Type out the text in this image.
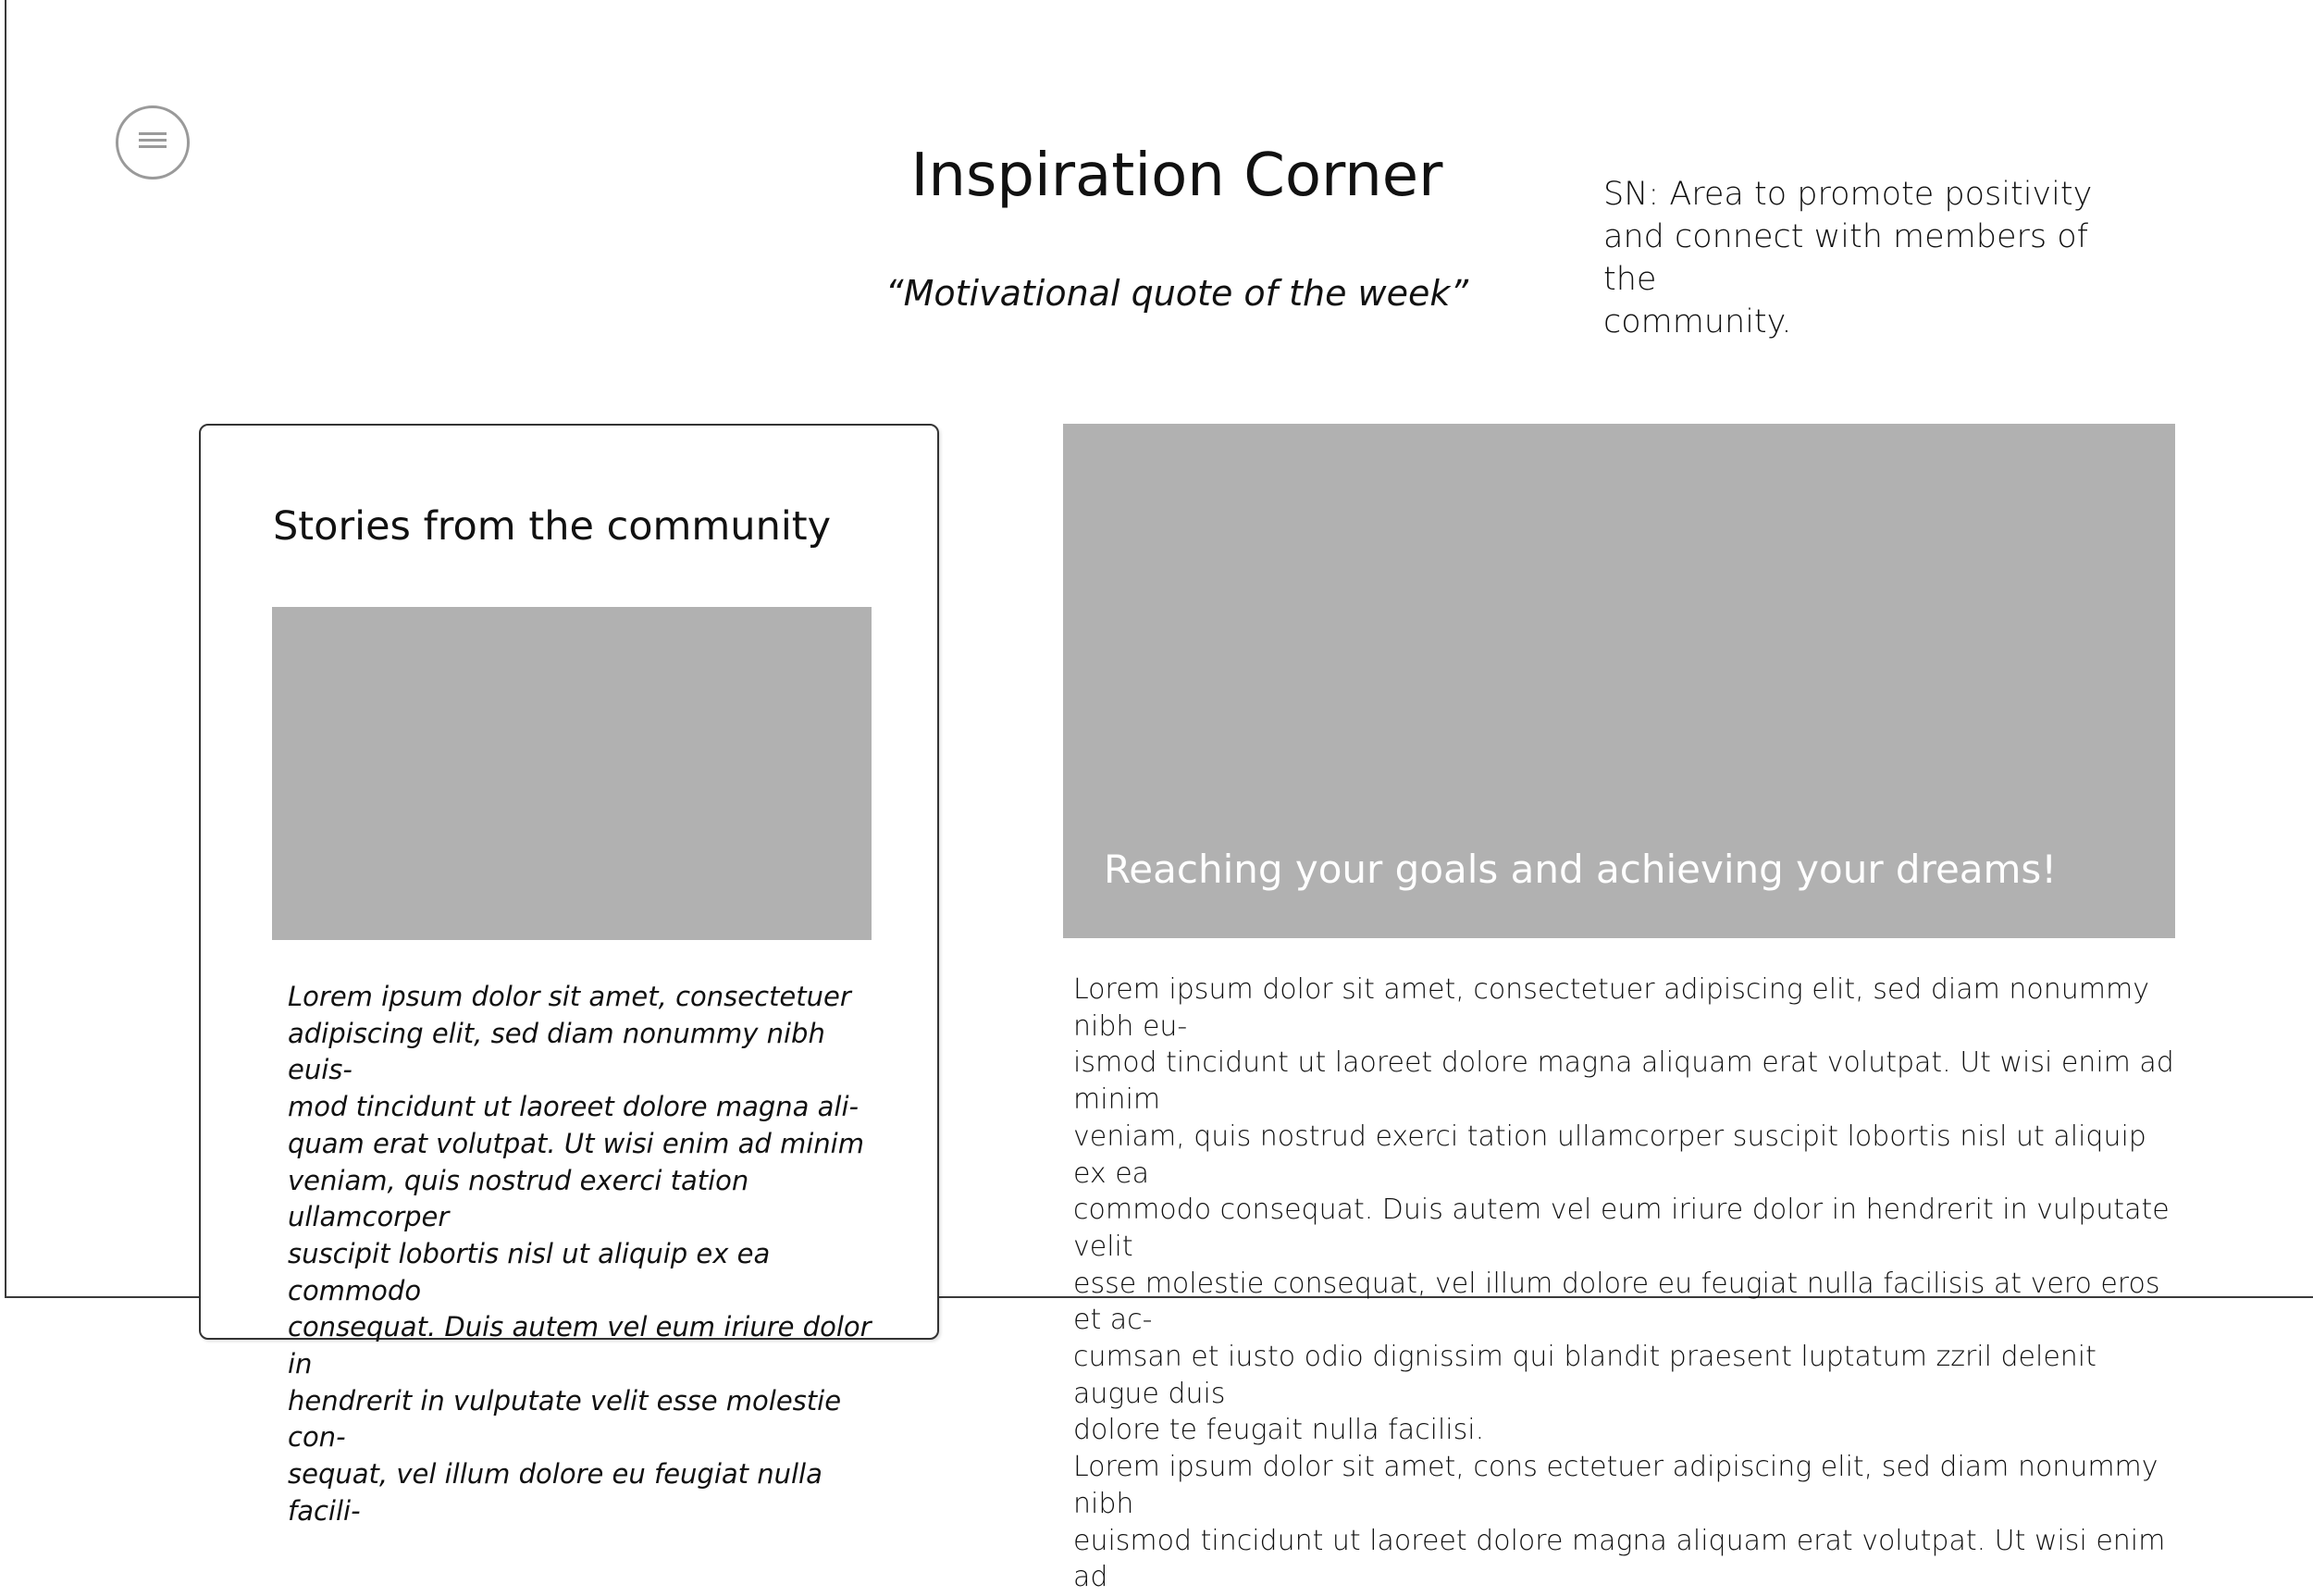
Inspiration Corner
“Motivational quote of the week”
SN: Area to promote positivity
and connect with members of the
community.
Stories from the community
Lorem ipsum dolor sit amet, consectetuer
adipiscing elit, sed diam nonummy nibh euis-
mod tincidunt ut laoreet dolore magna ali-
quam erat volutpat. Ut wisi enim ad minim
veniam, quis nostrud exerci tation ullamcorper
suscipit lobortis nisl ut aliquip ex ea commodo
consequat. Duis autem vel eum iriure dolor in
hendrerit in vulputate velit esse molestie con-
sequat, vel illum dolore eu feugiat nulla facili-
Reaching your goals and achieving your dreams!
Lorem ipsum dolor sit amet, consectetuer adipiscing elit, sed diam nonummy nibh eu-
ismod tincidunt ut laoreet dolore magna aliquam erat volutpat. Ut wisi enim ad minim
veniam, quis nostrud exerci tation ullamcorper suscipit lobortis nisl ut aliquip ex ea
commodo consequat. Duis autem vel eum iriure dolor in hendrerit in vulputate velit
esse molestie consequat, vel illum dolore eu feugiat nulla facilisis at vero eros et ac-
cumsan et iusto odio dignissim qui blandit praesent luptatum zzril delenit augue duis
dolore te feugait nulla facilisi.
Lorem ipsum dolor sit amet, cons ectetuer adipiscing elit, sed diam nonummy nibh
euismod tincidunt ut laoreet dolore magna aliquam erat volutpat. Ut wisi enim ad
